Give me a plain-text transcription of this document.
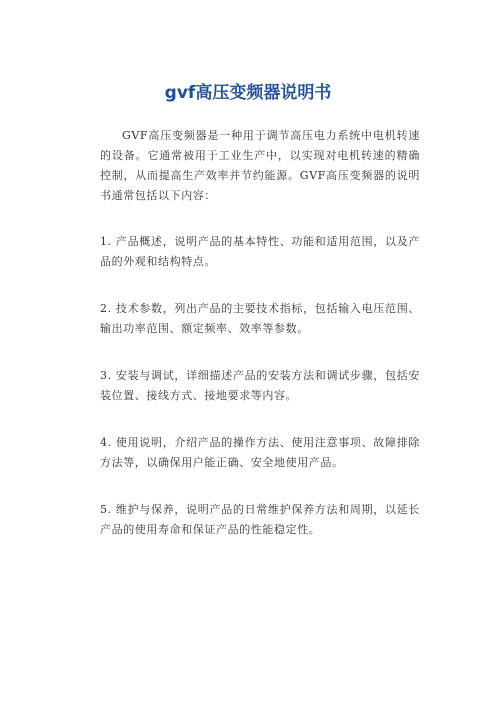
gvf高压变频器说明书

GVF高压变频器是一种用于调节高压电力系统中电机转速的设备。它通常被用于工业生产中，以实现对电机转速的精确控制，从而提高生产效率并节约能源。GVF高压变频器的说明书通常包括以下内容：

1. 产品概述，说明产品的基本特性、功能和适用范围，以及产品的外观和结构特点。

2. 技术参数，列出产品的主要技术指标，包括输入电压范围、输出功率范围、额定频率、效率等参数。

3. 安装与调试，详细描述产品的安装方法和调试步骤，包括安装位置、接线方式、接地要求等内容。

4. 使用说明，介绍产品的操作方法、使用注意事项、故障排除方法等，以确保用户能正确、安全地使用产品。

5. 维护与保养，说明产品的日常维护保养方法和周期，以延长产品的使用寿命和保证产品的性能稳定性。
